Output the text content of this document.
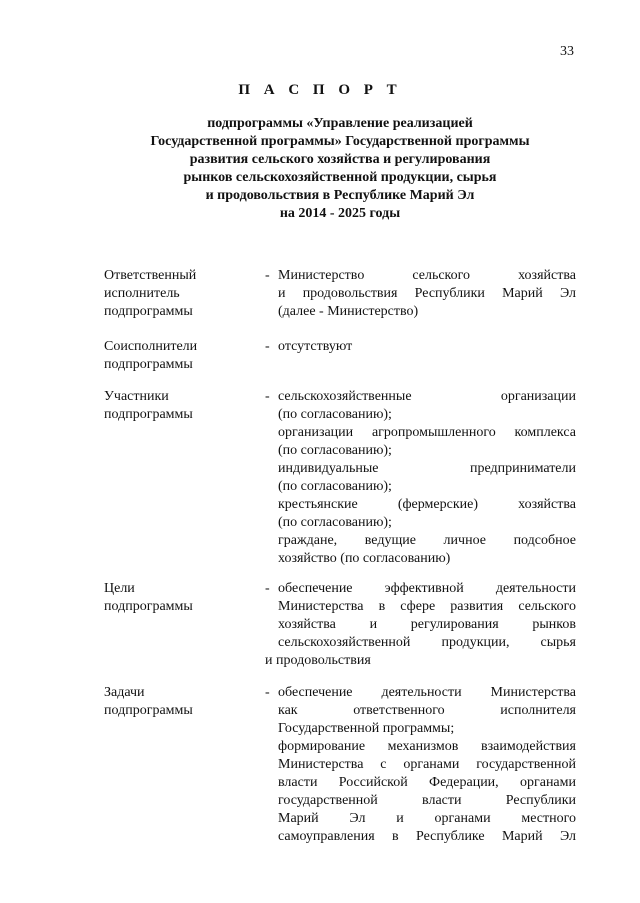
33
П А С П О Р Т
подпрограммы «Управление реализацией
Государственной программы» Государственной программы
развития сельского хозяйства и регулирования
рынков сельскохозяйственной продукции, сырья
и продовольствия в Республике Марий Эл
на 2014 - 2025 годы
Ответственный
исполнитель
подпрограммы
- Министерство сельского хозяйства
и продовольствия Республики Марий Эл
(далее - Министерство)
Соисполнители
подпрограммы
- отсутствуют
Участники
подпрограммы
- сельскохозяйственные организации
(по согласованию);
организации агропромышленного комплекса
(по согласованию);
индивидуальные предприниматели
(по согласованию);
крестьянские (фермерские) хозяйства
(по согласованию);
граждане, ведущие личное подсобное
хозяйство (по согласованию)
Цели
подпрограммы
- обеспечение эффективной деятельности
Министерства в сфере развития сельского
хозяйства и регулирования рынков
сельскохозяйственной продукции, сырья
и продовольствия
Задачи
подпрограммы
- обеспечение деятельности Министерства
как ответственного исполнителя
Государственной программы;
формирование механизмов взаимодействия
Министерства с органами государственной
власти Российской Федерации, органами
государственной власти Республики
Марий Эл и органами местного
самоуправления в Республике Марий Эл
